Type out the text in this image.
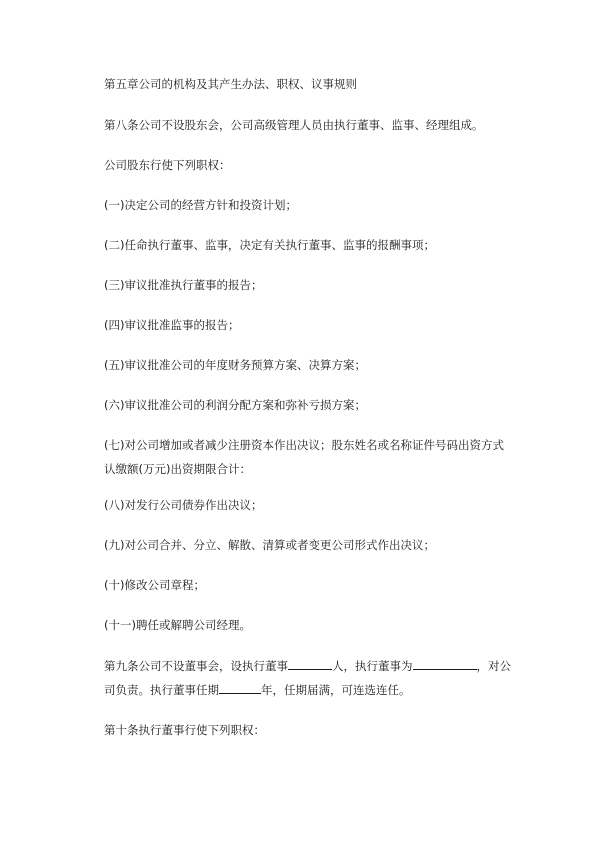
第五章公司的机构及其产生办法、职权、议事规则
第八条公司不设股东会，公司高级管理人员由执行董事、监事、经理组成。
公司股东行使下列职权：
(一)决定公司的经营方针和投资计划；
(二)任命执行董事、监事，决定有关执行董事、监事的报酬事项；
(三)审议批准执行董事的报告；
(四)审议批准监事的报告；
(五)审议批准公司的年度财务预算方案、决算方案；
(六)审议批准公司的利润分配方案和弥补亏损方案；
(七)对公司增加或者减少注册资本作出决议；股东姓名或名称证件号码出资方式认缴额(万元)出资期限合计：
(八)对发行公司债券作出决议；
(九)对公司合并、分立、解散、清算或者变更公司形式作出决议；
(十)修改公司章程；
(十一)聘任或解聘公司经理。
第九条公司不设董事会，设执行董事	人，执行董事为	，对公
司负责。执行董事任期	年，任期届满，可连选连任。
第十条执行董事行使下列职权：
